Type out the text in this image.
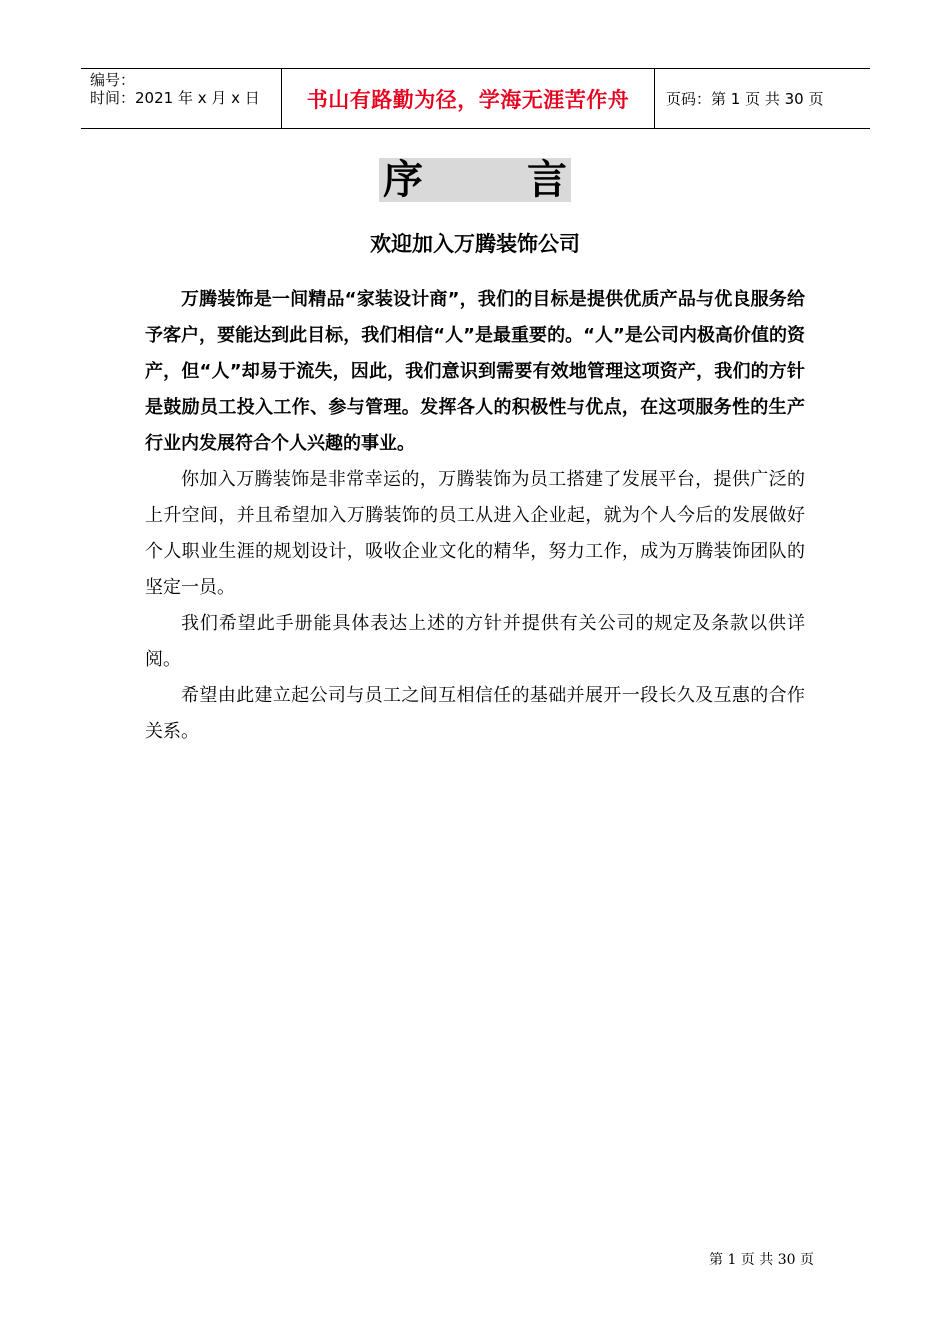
编号：
时间：2021 年 x 月 x 日	书山有路勤为径，学海无涯苦作舟 页码：第 1 页 共 30 页
序	言
欢迎加入万腾装饰公司

万腾装饰是一间精品“家装设计商”，我们的目标是提供优质产品与优良服务给予客户，要能达到此目标，我们相信“人”是最重要的。“人”是公司内极高价值的资产，但“人”却易于流失，因此，我们意识到需要有效地管理这项资产，我们的方针是鼓励员工投入工作、参与管理。发挥各人的积极性与优点，在这项服务性的生产行业内发展符合个人兴趣的事业。

你加入万腾装饰是非常幸运的，万腾装饰为员工搭建了发展平台，提供广泛的上升空间，并且希望加入万腾装饰的员工从进入企业起，就为个人今后的发展做好个人职业生涯的规划设计，吸收企业文化的精华，努力工作，成为万腾装饰团队的坚定一员。

我们希望此手册能具体表达上述的方针并提供有关公司的规定及条款以供详阅。

希望由此建立起公司与员工之间互相信任的基础并展开一段长久及互惠的合作关系。

第 1 页 共 30 页
